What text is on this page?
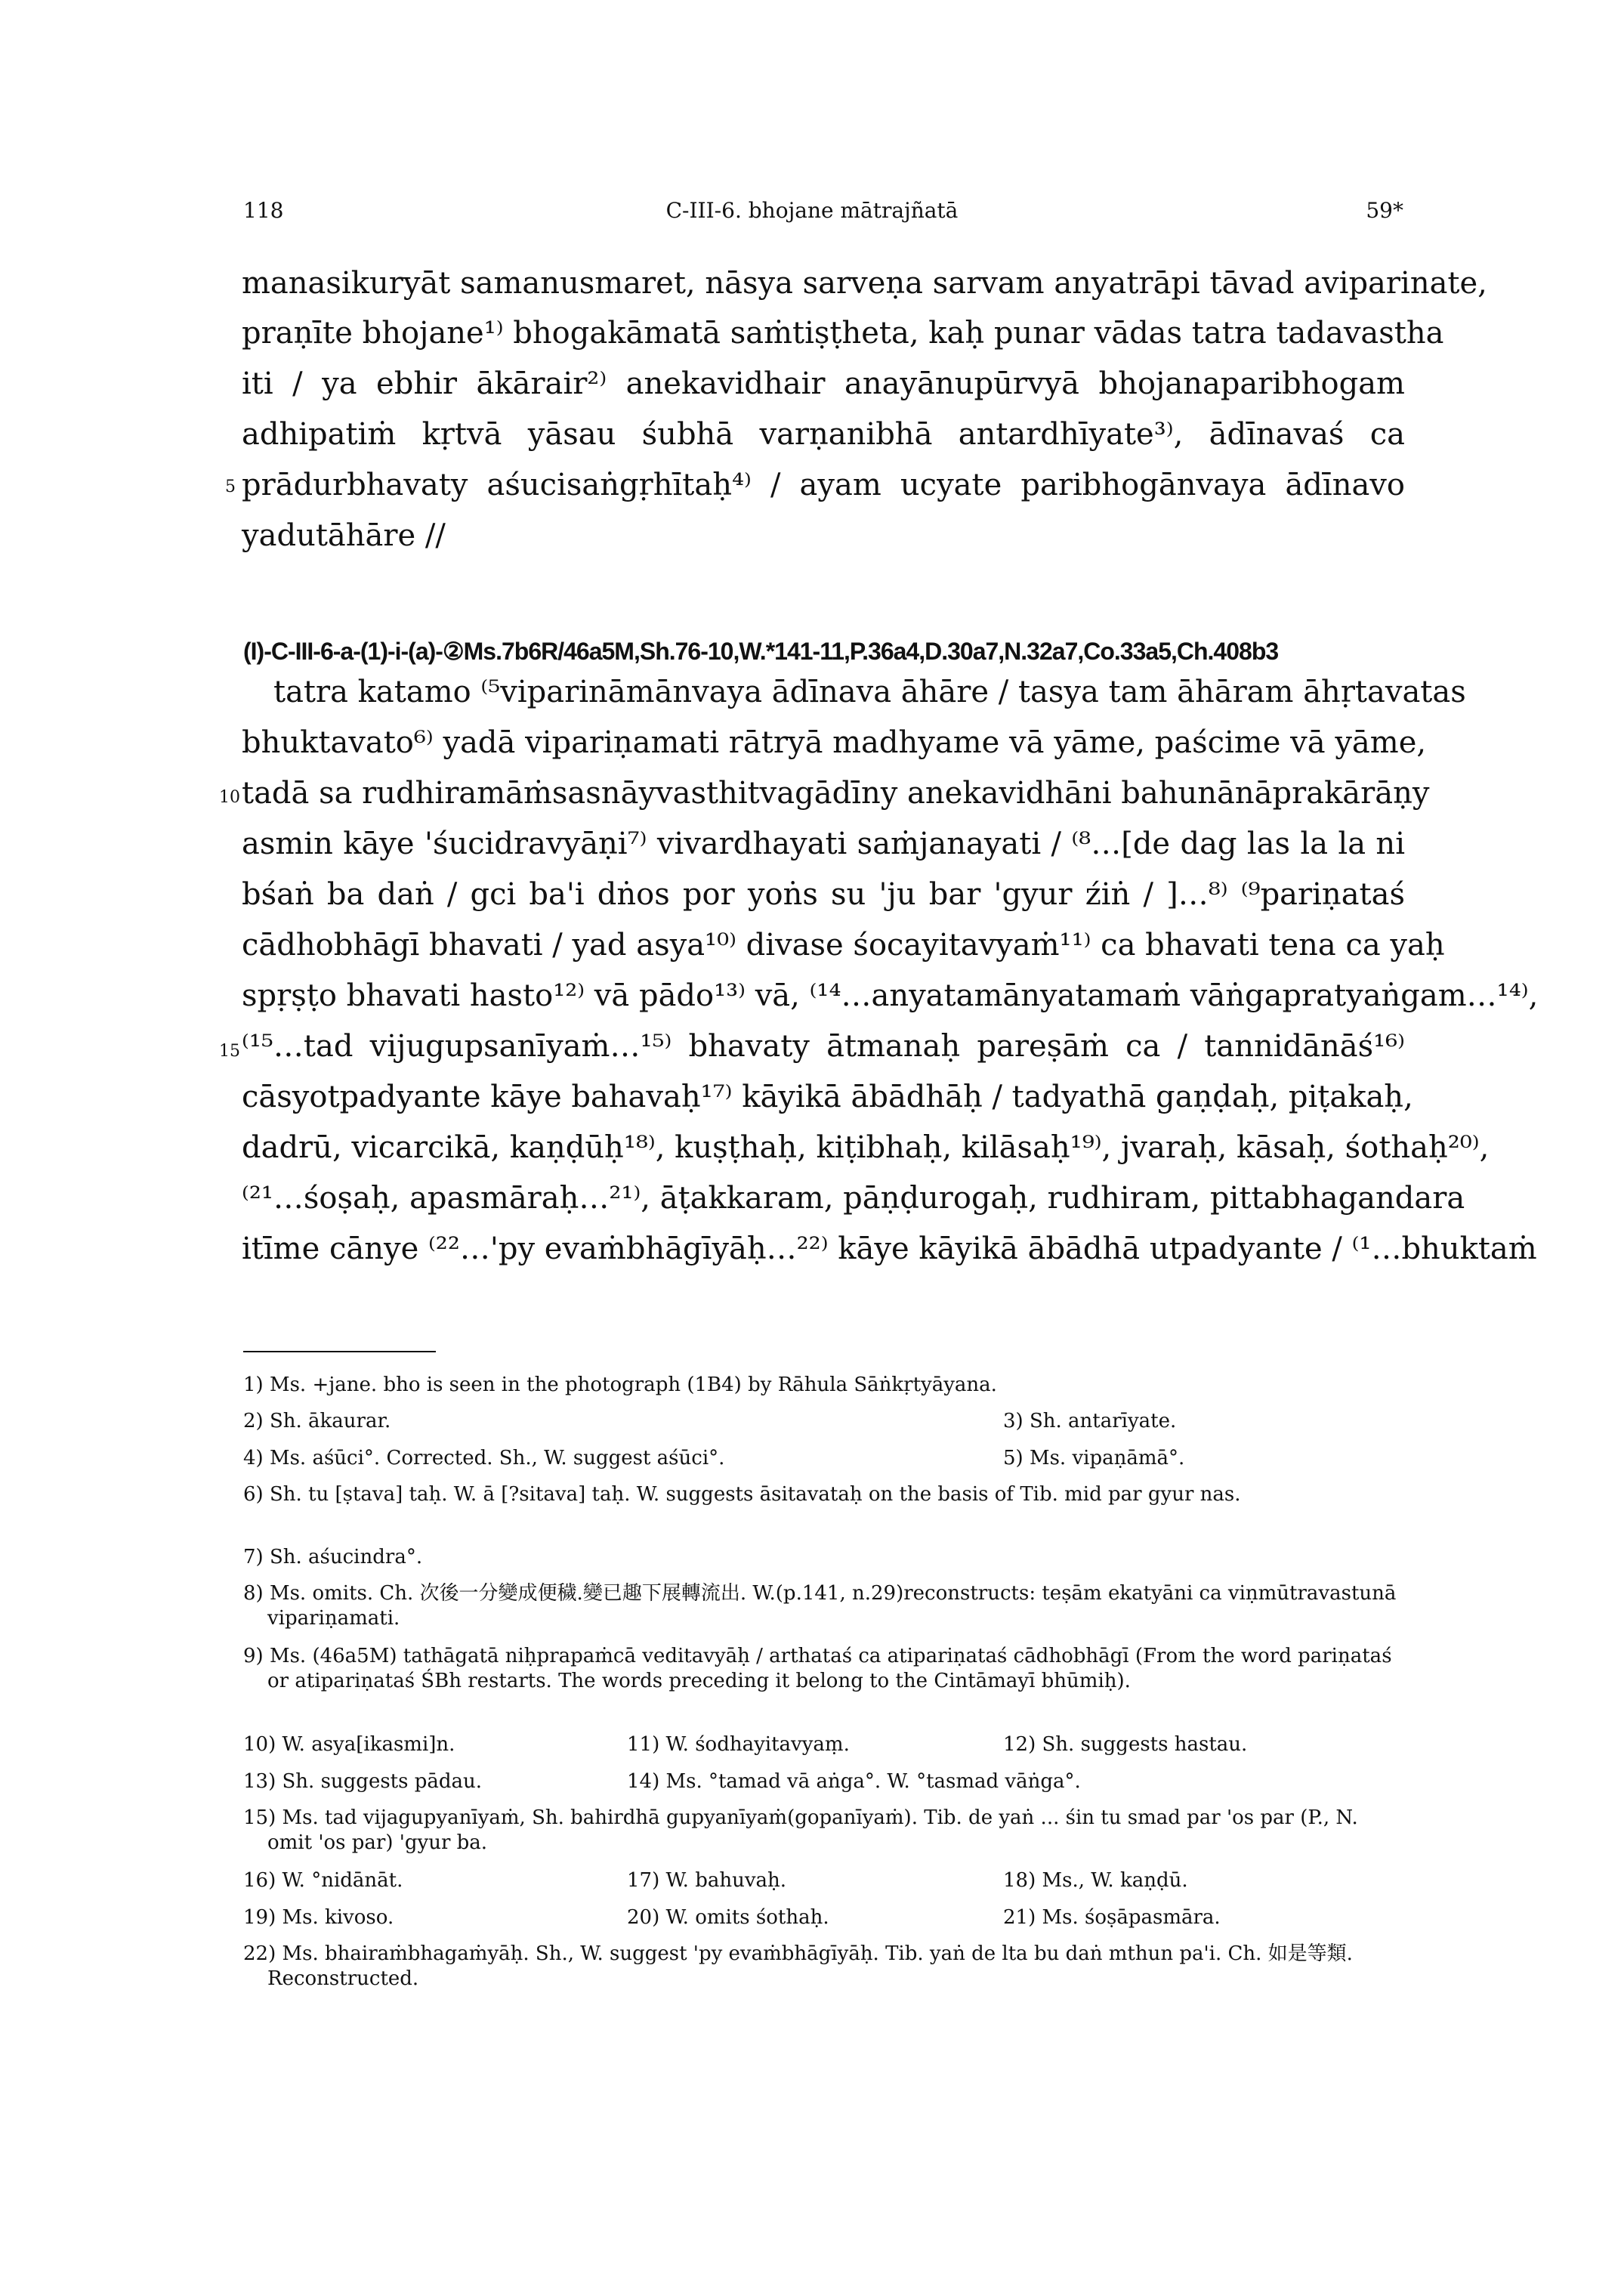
118	C-III-6. bhojane mātrajñatā	59*

manasikuryāt samanusmaret, nāsya sarveṇa sarvam anyatrāpi tāvad aviparinate,

praṇīte bhojane¹⁾ bhogakāmatā saṁtiṣṭheta, kaḥ punar vādas tatra tadavastha

iti / ya ebhir ākārair²⁾ anekavidhair anayānupūrvyā bhojanaparibhogam

adhipatiṁ kṛtvā yāsau śubhā varṇanibhā antardhīyate³⁾, ādīnavaś ca

prādurbhavaty aśucisaṅgṛhītaḥ⁴⁾ / ayam ucyate paribhogānvaya ādīnavo

yadutāhāre //

5
10
15
(I)-C-III-6-a-(1)-i-(a)-②Ms.7b6R/46a5M,Sh.76-10,W.*141-11,P.36a4,D.30a7,N.32a7,Co.33a5,Ch.408b3

tatra katamo ⁽⁵viparināmānvaya ādīnava āhāre / tasya tam āhāram āhṛtavatas

bhuktavato⁶⁾ yadā vipariṇamati rātryā madhyame vā yāme, paścime vā yāme,

tadā sa rudhiramāṁsasnāyvasthitvagādīny anekavidhāni bahunānāprakārāṇy

asmin kāye 'śucidravyāṇi⁷⁾ vivardhayati saṁjanayati / ⁽⁸…[de dag las la la ni

bśaṅ ba daṅ / gci ba'i dṅos por yoṅs su 'ju bar 'gyur źiṅ / ]…⁸⁾ ⁽⁹pariṇataś

cādhobhāgī bhavati / yad asya¹⁰⁾ divase śocayitavyaṁ¹¹⁾ ca bhavati tena ca yaḥ

spṛṣṭo bhavati hasto¹²⁾ vā pādo¹³⁾ vā, ⁽¹⁴…anyatamānyatamaṁ vāṅgapratyaṅgam…¹⁴⁾,

⁽¹⁵…tad vijugupsanīyaṁ…¹⁵⁾ bhavaty ātmanaḥ pareṣāṁ ca / tannidānāś¹⁶⁾

cāsyotpadyante kāye bahavaḥ¹⁷⁾ kāyikā ābādhāḥ / tadyathā gaṇḍaḥ, piṭakaḥ,

dadrū, vicarcikā, kaṇḍūḥ¹⁸⁾, kuṣṭhaḥ, kiṭibhaḥ, kilāsaḥ¹⁹⁾, jvaraḥ, kāsaḥ, śothaḥ²⁰⁾,

⁽²¹…śoṣaḥ, apasmāraḥ…²¹⁾, āṭakkaram, pāṇḍurogaḥ, rudhiram, pittabhagandara

itīme cānye ⁽²²…'py evaṁbhāgīyāḥ…²²⁾ kāye kāyikā ābādhā utpadyante / ⁽¹…bhuktaṁ

1) Ms. +jane. bho is seen in the photograph (1B4) by Rāhula Sāṅkṛtyāyana.
2) Sh. ākaurar.	3) Sh. antarīyate.
4) Ms. aśūci°. Corrected. Sh., W. suggest aśūci°.	5) Ms. vipaṇāmā°.
6) Sh. tu [ṣtava] taḥ. W. ā [?sitava] taḥ. W. suggests āsitavataḥ on the basis of Tib. mid par gyur nas.
7) Sh. aśucindra°.
8) Ms. omits. Ch. 次後一分變成便穢.變已趣下展轉流出. W.(p.141, n.29)reconstructs: teṣām ekatyāni ca viṇmūtravastunā vipariṇamati.
9) Ms. (46a5M) tathāgatā niḥprapaṁcā veditavyāḥ / arthataś ca atipariṇataś cādhobhāgī (From the word pariṇataś or atipariṇataś ŚBh restarts. The words preceding it belong to the Cintāmayī bhūmiḥ).
10) W. asya[ikasmi]n.	11) W. śodhayitavyaṃ.	12) Sh. suggests hastau.
13) Sh. suggests pādau.	14) Ms. °tamad vā aṅga°. W. °tasmad vāṅga°.
15) Ms. tad vijagupyanīyaṁ, Sh. bahirdhā gupyanīyaṁ(gopanīyaṁ). Tib. de yaṅ ... śin tu smad par 'os par (P., N. omit 'os par) 'gyur ba.
16) W. °nidānāt.	17) W. bahuvaḥ.	18) Ms., W. kaṇḍū.
19) Ms. kivoso.	20) W. omits śothaḥ.	21) Ms. śoṣāpasmāra.
22) Ms. bhairaṁbhagaṁyāḥ. Sh., W. suggest 'py evaṁbhāgīyāḥ. Tib. yaṅ de lta bu daṅ mthun pa'i. Ch. 如是等類. Reconstructed.
